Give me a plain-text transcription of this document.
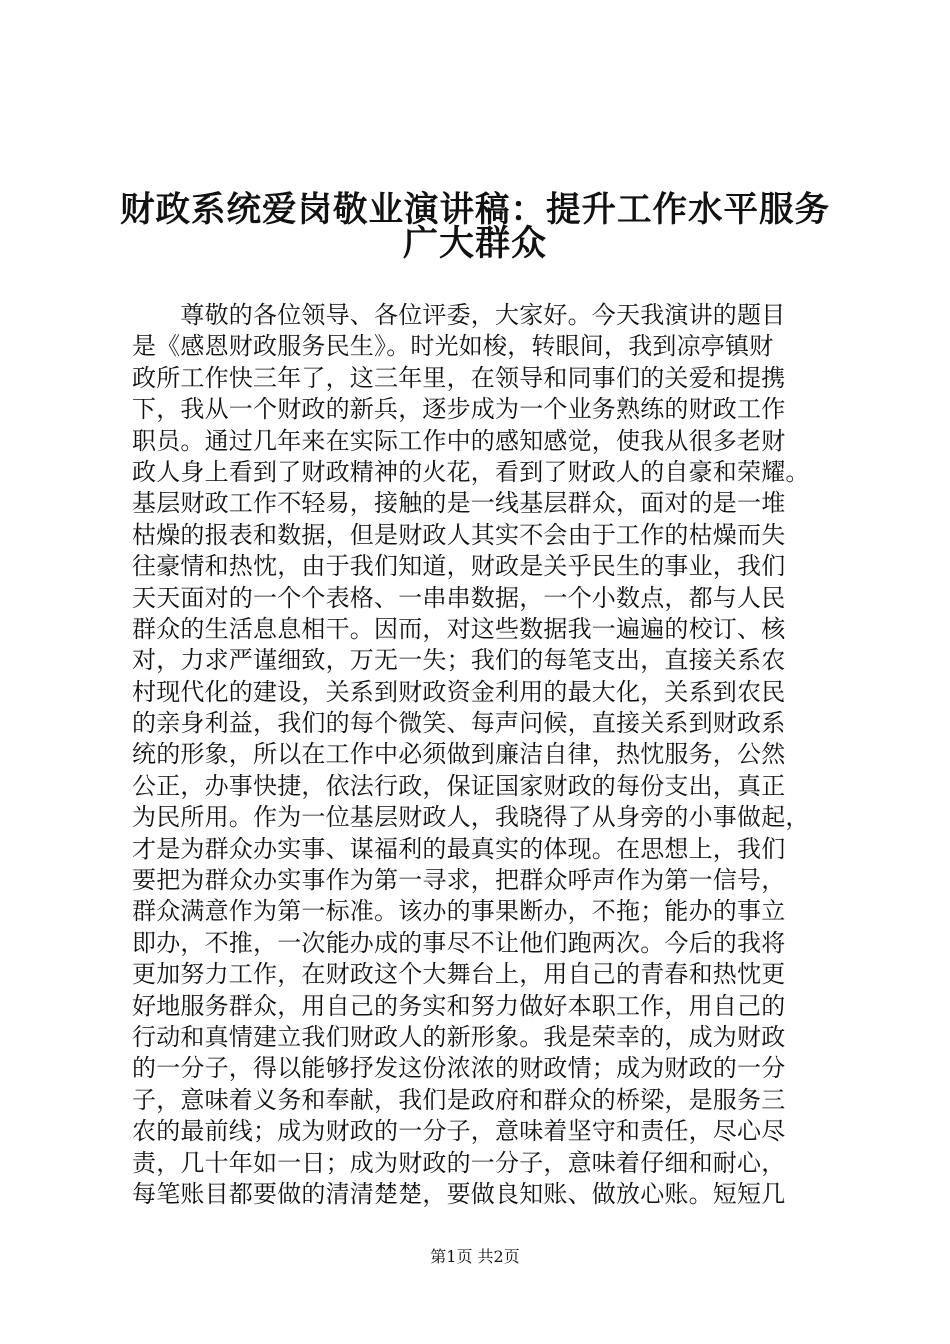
财政系统爱岗敬业演讲稿：提升工作水平服务
广大群众
　　尊敬的各位领导、各位评委，大家好。今天我演讲的题目
是《感恩财政服务民生》。时光如梭，转眼间，我到凉亭镇财
政所工作快三年了，这三年里，在领导和同事们的关爱和提携
下，我从一个财政的新兵，逐步成为一个业务熟练的财政工作
职员。通过几年来在实际工作中的感知感觉，使我从很多老财
政人身上看到了财政精神的火花，看到了财政人的自豪和荣耀。
基层财政工作不轻易，接触的是一线基层群众，面对的是一堆
枯燥的报表和数据，但是财政人其实不会由于工作的枯燥而失
往豪情和热忱，由于我们知道，财政是关乎民生的事业，我们
天天面对的一个个表格、一串串数据，一个小数点，都与人民
群众的生活息息相干。因而，对这些数据我一遍遍的校订、核
对，力求严谨细致，万无一失；我们的每笔支出，直接关系农
村现代化的建设，关系到财政资金利用的最大化，关系到农民
的亲身利益，我们的每个微笑、每声问候，直接关系到财政系
统的形象，所以在工作中必须做到廉洁自律，热忱服务，公然
公正，办事快捷，依法行政，保证国家财政的每份支出，真正
为民所用。作为一位基层财政人，我晓得了从身旁的小事做起，
才是为群众办实事、谋福利的最真实的体现。在思想上，我们
要把为群众办实事作为第一寻求，把群众呼声作为第一信号，
群众满意作为第一标准。该办的事果断办，不拖；能办的事立
即办，不推，一次能办成的事尽不让他们跑两次。今后的我将
更加努力工作，在财政这个大舞台上，用自己的青春和热忱更
好地服务群众，用自己的务实和努力做好本职工作，用自己的
行动和真情建立我们财政人的新形象。我是荣幸的，成为财政
的一分子，得以能够抒发这份浓浓的财政情；成为财政的一分
子，意味着义务和奉献，我们是政府和群众的桥梁，是服务三
农的最前线；成为财政的一分子，意味着坚守和责任，尽心尽
责，几十年如一日；成为财政的一分子，意味着仔细和耐心，
每笔账目都要做的清清楚楚，要做良知账、做放心账。短短几
第1页 共2页
